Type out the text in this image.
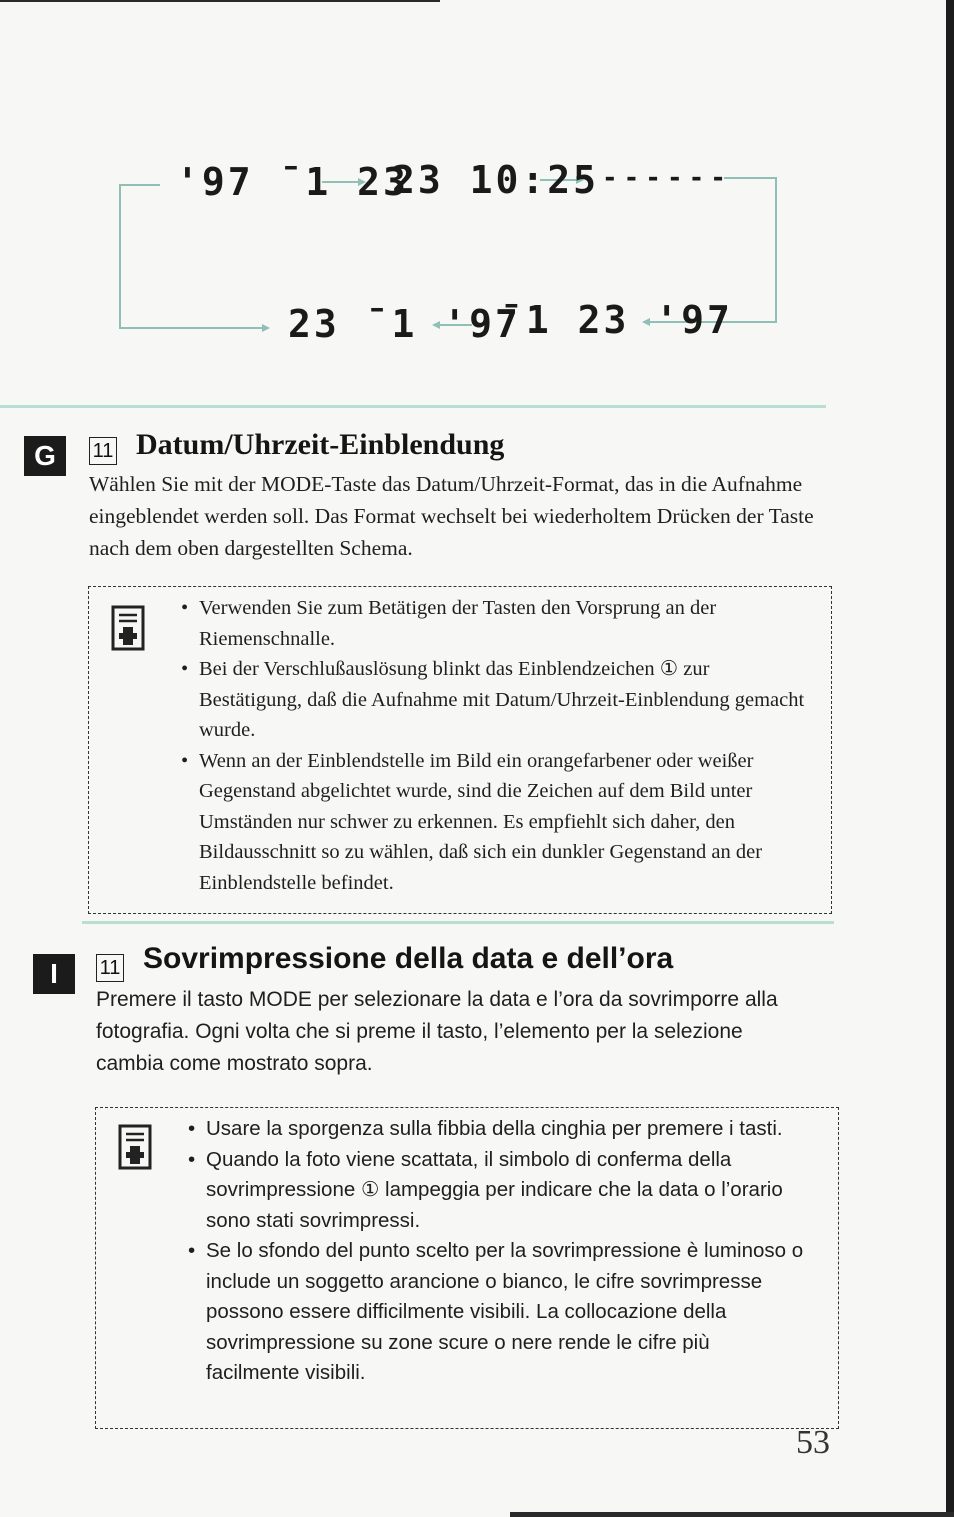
'97 ¯1 23
23 10:25 ------
23 ¯1 '97
¯1 23 '97
G	11 Datum/Uhrzeit-Einblendung
Wählen Sie mit der MODE-Taste das Datum/Uhrzeit-Format, das in die Aufnahme eingeblendet werden soll. Das Format wechselt bei wiederholtem Drücken der Taste nach dem oben dargestellten Schema.
• Verwenden Sie zum Betätigen der Tasten den Vorsprung an der Riemenschnalle.
• Bei der Verschlußauslösung blinkt das Einblendzeichen ① zur Bestätigung, daß die Aufnahme mit Datum/Uhrzeit-Einblendung gemacht wurde.
• Wenn an der Einblendstelle im Bild ein orangefarbener oder weißer Gegenstand abgelichtet wurde, sind die Zeichen auf dem Bild unter Umständen nur schwer zu erkennen. Es empfiehlt sich daher, den Bildausschnitt so zu wählen, daß sich ein dunkler Gegenstand an der Einblendstelle befindet.
I	11 Sovrimpressione della data e dell’ora
Premere il tasto MODE per selezionare la data e l’ora da sovrimporre alla fotografia. Ogni volta che si preme il tasto, l’elemento per la selezione cambia come mostrato sopra.
• Usare la sporgenza sulla fibbia della cinghia per premere i tasti.
• Quando la foto viene scattata, il simbolo di conferma della sovrimpressione ① lampeggia per indicare che la data o l’orario sono stati sovrimpressi.
• Se lo sfondo del punto scelto per la sovrimpressione è luminoso o include un soggetto arancione o bianco, le cifre sovrimpresse possono essere difficilmente visibili. La collocazione della sovrimpressione su zone scure o nere rende le cifre più facilmente visibili.
53
